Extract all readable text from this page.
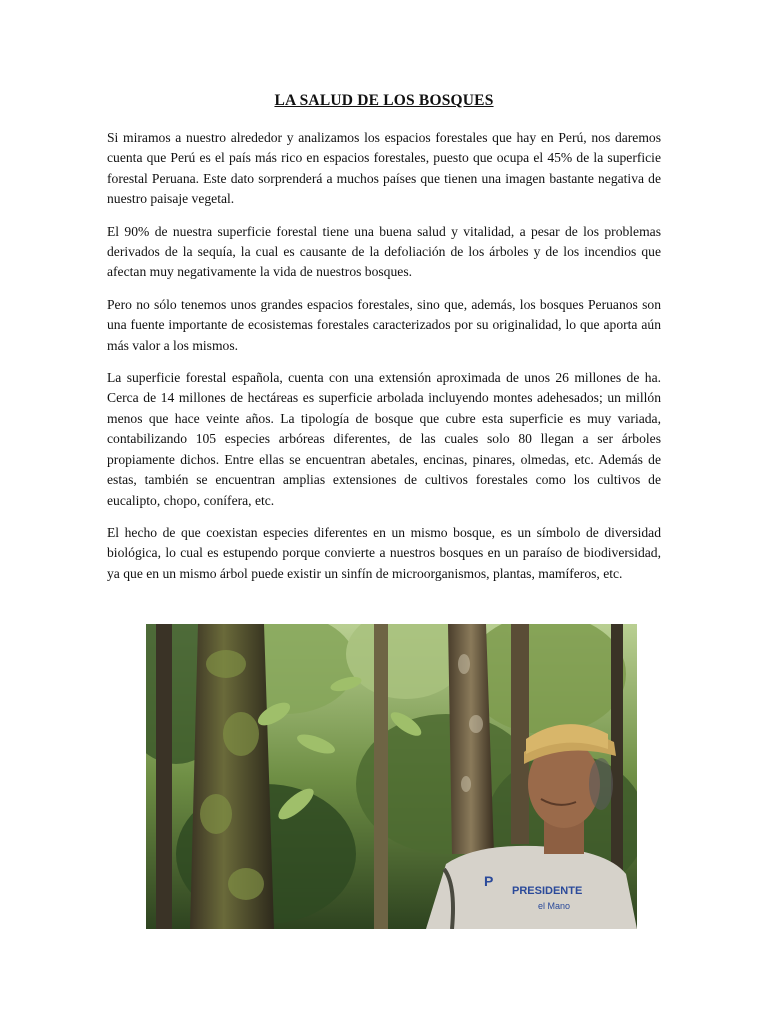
LA SALUD DE LOS BOSQUES

Si miramos a nuestro alrededor y analizamos los espacios forestales que hay en Perú, nos daremos cuenta que Perú es el país más rico en espacios forestales, puesto que ocupa el 45% de la superficie forestal Peruana. Este dato sorprenderá a muchos países que tienen una imagen bastante negativa de nuestro paisaje vegetal.

El 90% de nuestra superficie forestal tiene una buena salud y vitalidad, a pesar de los problemas derivados de la sequía, la cual es causante de la defoliación de los árboles y de los incendios que afectan muy negativamente la vida de nuestros bosques.

Pero no sólo tenemos unos grandes espacios forestales, sino que, además, los bosques Peruanos son una fuente importante de ecosistemas forestales caracterizados por su originalidad, lo que aporta aún más valor a los mismos.

La superficie forestal española, cuenta con una extensión aproximada de unos 26 millones de ha. Cerca de 14 millones de hectáreas es superficie arbolada incluyendo montes adehesados; un millón menos que hace veinte años. La tipología de bosque que cubre esta superficie es muy variada, contabilizando 105 especies arbóreas diferentes, de las cuales solo 80 llegan a ser árboles propiamente dichos. Entre ellas se encuentran abetales, encinas, pinares, olmedas, etc. Además de estas, también se encuentran amplias extensiones de cultivos forestales como los cultivos de eucalipto, chopo, conífera, etc.

El hecho de que coexistan especies diferentes en un mismo bosque, es un símbolo de diversidad biológica, lo cual es estupendo porque convierte a nuestros bosques en un paraíso de biodiversidad, ya que en un mismo árbol puede existir un sinfín de microorganismos, plantas, mamíferos, etc.

PRESIDENTE
el Mano
P
